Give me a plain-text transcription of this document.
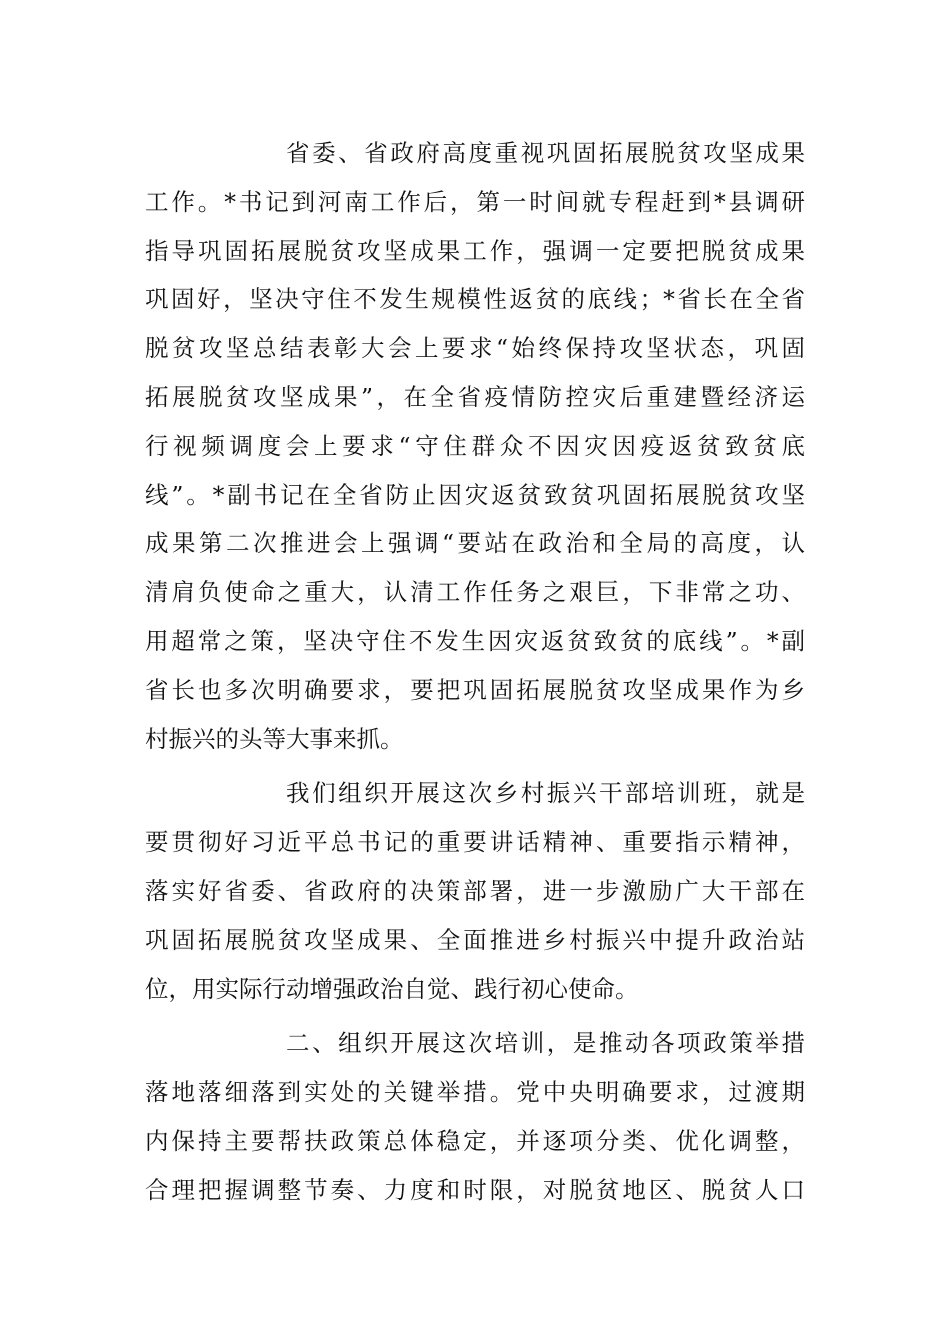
省委、省政府高度重视巩固拓展脱贫攻坚成果
工作。*书记到河南工作后，第一时间就专程赶到*县调研
指导巩固拓展脱贫攻坚成果工作，强调一定要把脱贫成果
巩固好，坚决守住不发生规模性返贫的底线；*省长在全省
脱贫攻坚总结表彰大会上要求“始终保持攻坚状态，巩固
拓展脱贫攻坚成果”，在全省疫情防控灾后重建暨经济运
行视频调度会上要求“守住群众不因灾因疫返贫致贫底
线”。*副书记在全省防止因灾返贫致贫巩固拓展脱贫攻坚
成果第二次推进会上强调“要站在政治和全局的高度，认
清肩负使命之重大，认清工作任务之艰巨，下非常之功、
用超常之策，坚决守住不发生因灾返贫致贫的底线”。*副
省长也多次明确要求，要把巩固拓展脱贫攻坚成果作为乡
村振兴的头等大事来抓。
我们组织开展这次乡村振兴干部培训班，就是
要贯彻好习近平总书记的重要讲话精神、重要指示精神，
落实好省委、省政府的决策部署，进一步激励广大干部在
巩固拓展脱贫攻坚成果、全面推进乡村振兴中提升政治站
位，用实际行动增强政治自觉、践行初心使命。
二、组织开展这次培训，是推动各项政策举措
落地落细落到实处的关键举措。党中央明确要求，过渡期
内保持主要帮扶政策总体稳定，并逐项分类、优化调整，
合理把握调整节奏、力度和时限，对脱贫地区、脱贫人口
